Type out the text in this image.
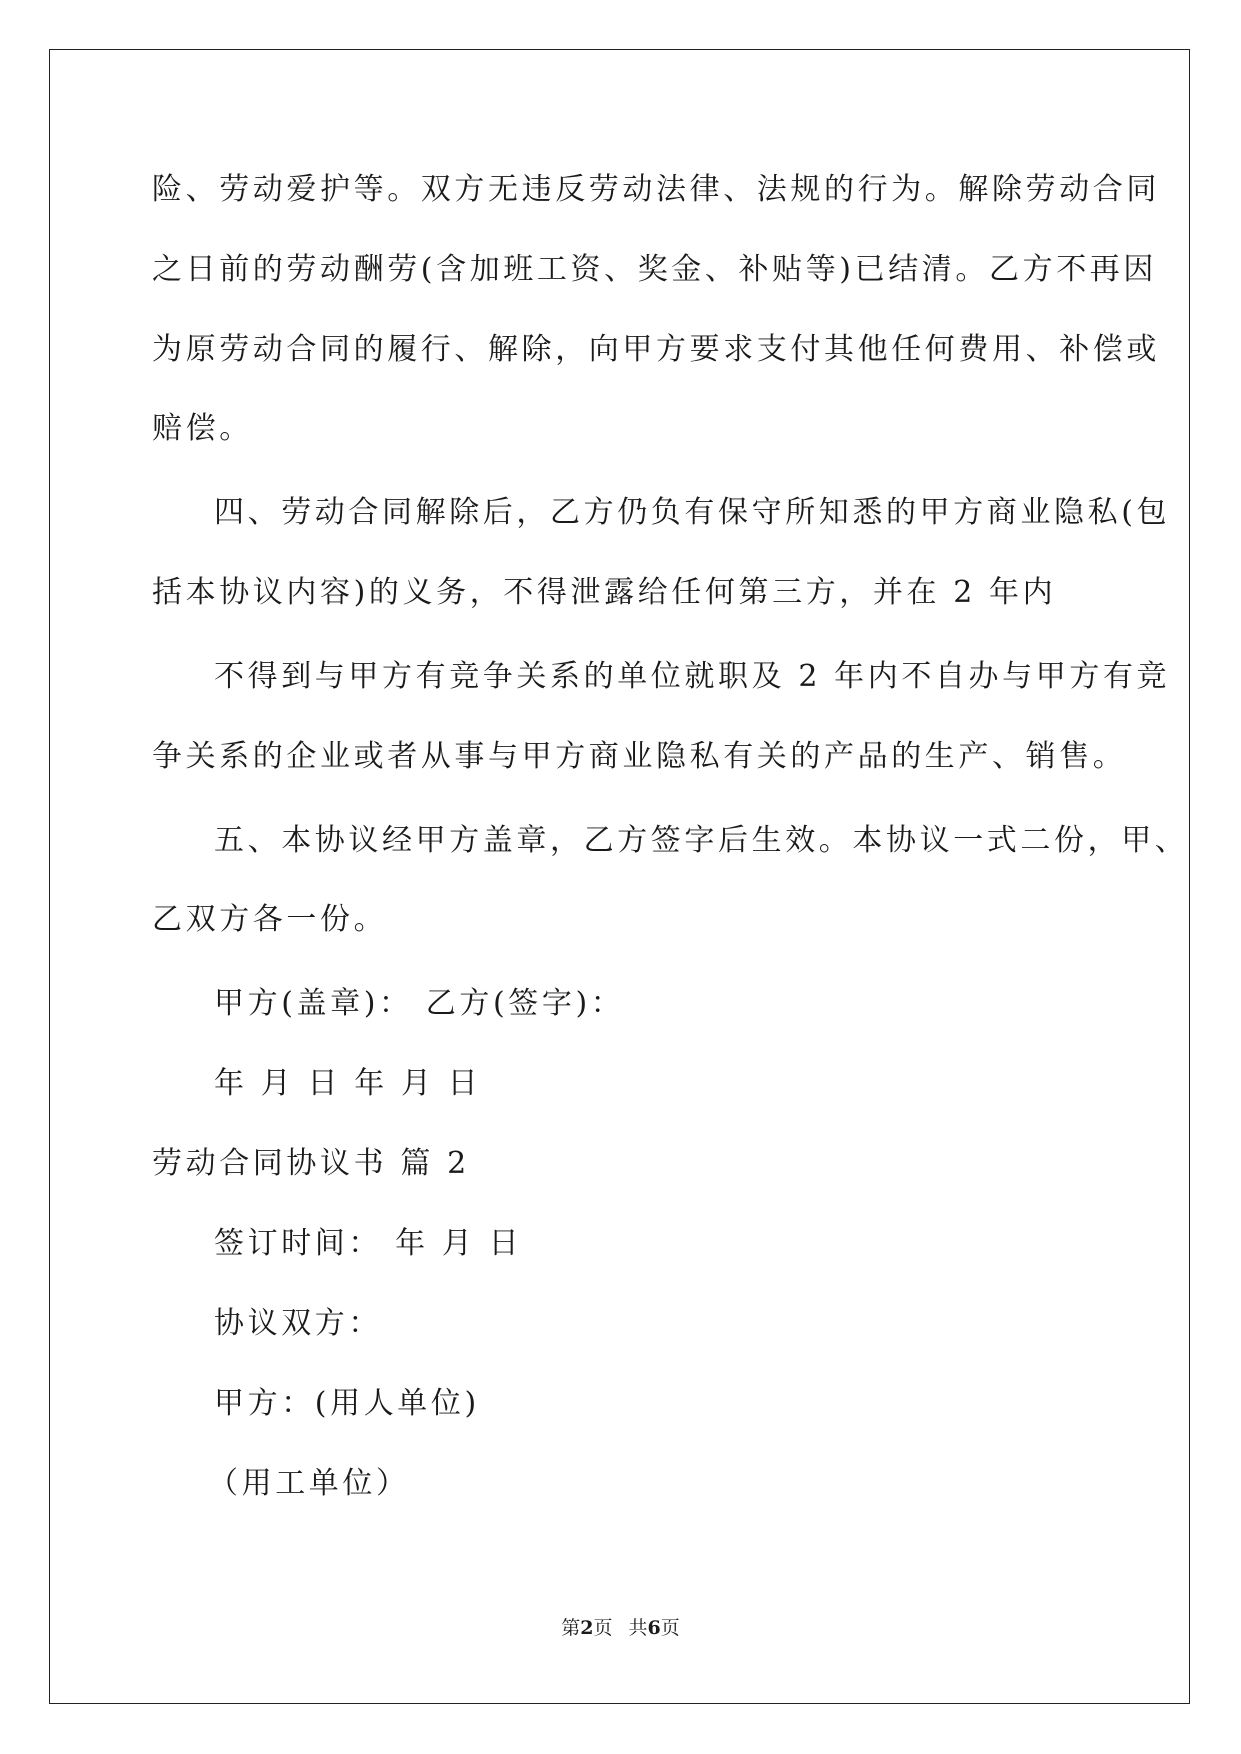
险、劳动爱护等。双方无违反劳动法律、法规的行为。解除劳动合同
之日前的劳动酬劳(含加班工资、奖金、补贴等)已结清。乙方不再因
为原劳动合同的履行、解除，向甲方要求支付其他任何费用、补偿或
赔偿。
四、劳动合同解除后，乙方仍负有保守所知悉的甲方商业隐私(包
括本协议内容)的义务，不得泄露给任何第三方，并在 2 年内
不得到与甲方有竞争关系的单位就职及 2 年内不自办与甲方有竞
争关系的企业或者从事与甲方商业隐私有关的产品的生产、销售。
五、本协议经甲方盖章，乙方签字后生效。本协议一式二份，甲、
乙双方各一份。
甲方(盖章)： 乙方(签字)：
年 月 日 年 月 日
劳动合同协议书 篇 2
签订时间： 年 月 日
协议双方：
甲方：(用人单位)
（用工单位）
第2页 共6页
